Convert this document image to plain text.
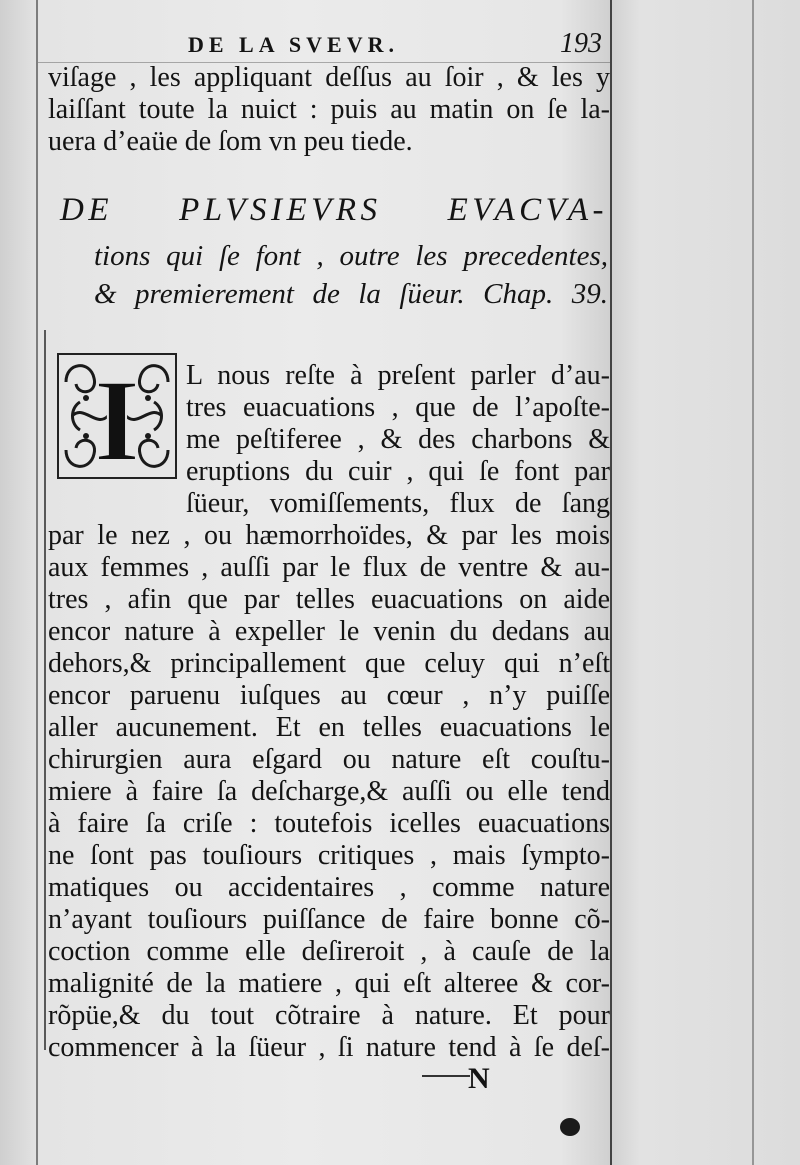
DE LA SVEVR.	193
viſage , les appliquant deſſus au ſoir , & les y
laiſſant toute la nuict : puis au matin on ſe la-
uera d’eaüe de ſom vn peu tiede.
DE PLVSIEVRS EVACVA-
tions qui ſe font , outre les precedentes,
& premierement de la ſüeur. Chap. 39.
I L nous reſte à preſent parler d’au-
tres euacuations , que de l’apoſte-
me peſtiferee , & des charbons &
eruptions du cuir , qui ſe font par
ſüeur, vomiſſements, flux de ſang
par le nez , ou hæmorrhoïdes, & par les mois
aux femmes , auſſi par le flux de ventre & au-
tres , afin que par telles euacuations on aide
encor nature à expeller le venin du dedans au
dehors,& principallement que celuy qui n’eſt
encor paruenu iuſques au cœur , n’y puiſſe
aller aucunement. Et en telles euacuations le
chirurgien aura eſgard ou nature eſt couſtu-
miere à faire ſa deſcharge,& auſſi ou elle tend
à faire ſa criſe : toutefois icelles euacuations
ne ſont pas touſiours critiques , mais ſympto-
matiques ou accidentaires , comme nature
n’ayant touſiours puiſſance de faire bonne cõ-
coction comme elle deſireroit , à cauſe de la
malignité de la matiere , qui eſt alteree & cor-
rõpüe,& du tout cõtraire à nature. Et pour
commencer à la ſüeur , ſi nature tend à ſe deſ-
N
